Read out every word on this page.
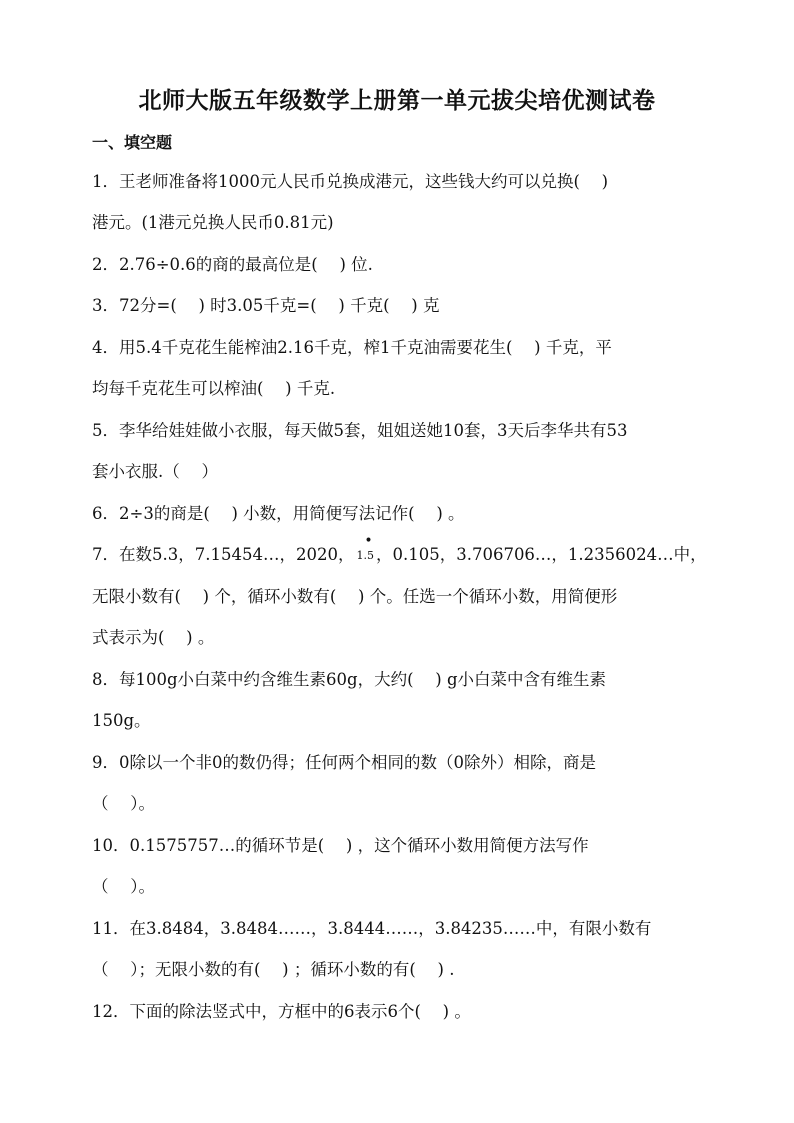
北师大版五年级数学上册第一单元拔尖培优测试卷
一、填空题
1．王老师准备将1000元人民币兑换成港元，这些钱大约可以兑换(　 )
港元。(1港元兑换人民币0.81元)
2．2.76÷0.6的商的最高位是(　 ) 位.
3．72分=(　 ) 时3.05千克=(　 ) 千克(　 ) 克
4．用5.4千克花生能榨油2.16千克，榨1千克油需要花生(　 ) 千克，平
均每千克花生可以榨油(　 ) 千克.
5．李华给娃娃做小衣服，每天做5套，姐姐送她10套，3天后李华共有53
套小衣服.（　 ）
6．2÷3的商是(　 ) 小数，用简便写法记作(　 ) 。
7．在数5.3，7.15454…，2020，
•
1.5 ，0.105，3.706706…，1.2356024…中，
无限小数有(　 ) 个，循环小数有(　 ) 个。任选一个循环小数，用简便形
式表示为(　 ) 。
8．每100g小白菜中约含维生素60g，大约(　 ) g小白菜中含有维生素
150g。
9．0除以一个非0的数仍得；任何两个相同的数（0除外）相除，商是
（　 ）。
10．0.1575757…的循环节是(　 ) ，这个循环小数用简便方法写作
（　 ）。
11．在3.8484，3.8484……，3.8444……，3.84235……中，有限小数有
（　 ）；无限小数的有(　 ) ；循环小数的有(　 ) .
12．下面的除法竖式中，方框中的6表示6个(　 ) 。
